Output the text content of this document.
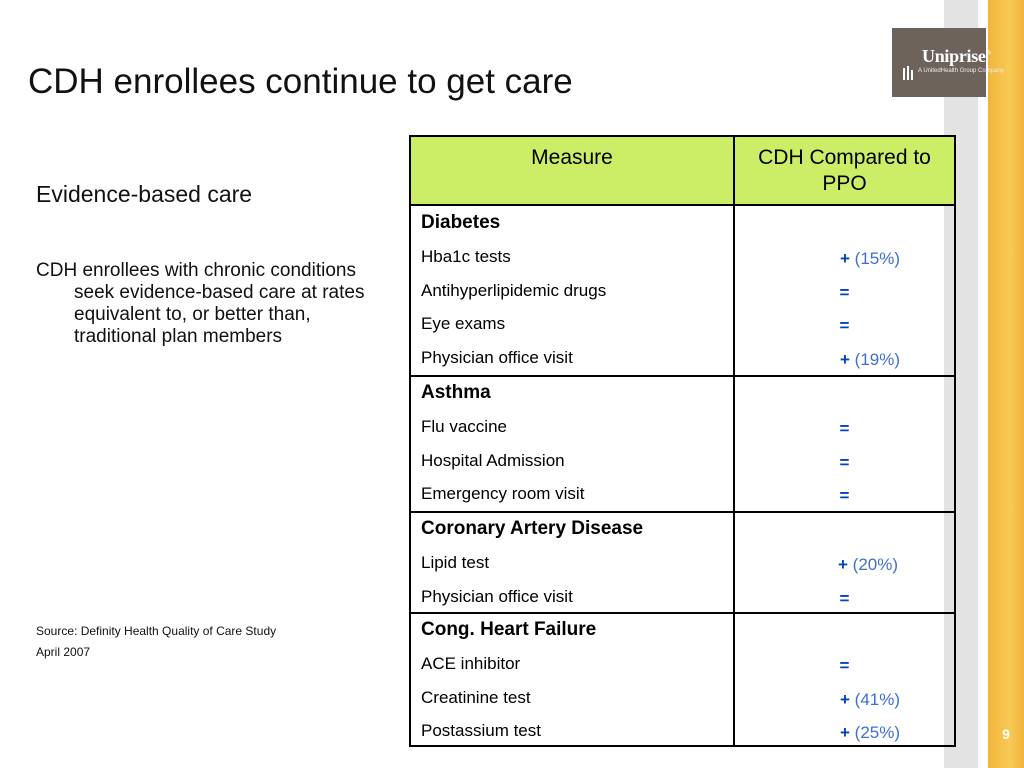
9
Uniprise®
A UnitedHealth Group Company
CDH enrollees continue to get care
Evidence-based care
CDH enrollees with chronic conditions seek evidence-based care at rates equivalent to, or better than, traditional plan members
Source: Definity Health Quality of Care Study
April 2007
Measure	CDH Compared to PPO
Diabetes
Hba1c tests	+ (15%)
Antihyperlipidemic drugs	=
Eye exams	=
Physician office visit	+ (19%)
Asthma
Flu vaccine	=
Hospital Admission	=
Emergency room visit	=
Coronary Artery Disease
Lipid test	+ (20%)
Physician office visit	=
Cong. Heart Failure
ACE inhibitor	=
Creatinine test	+ (41%)
Postassium test	+ (25%)
